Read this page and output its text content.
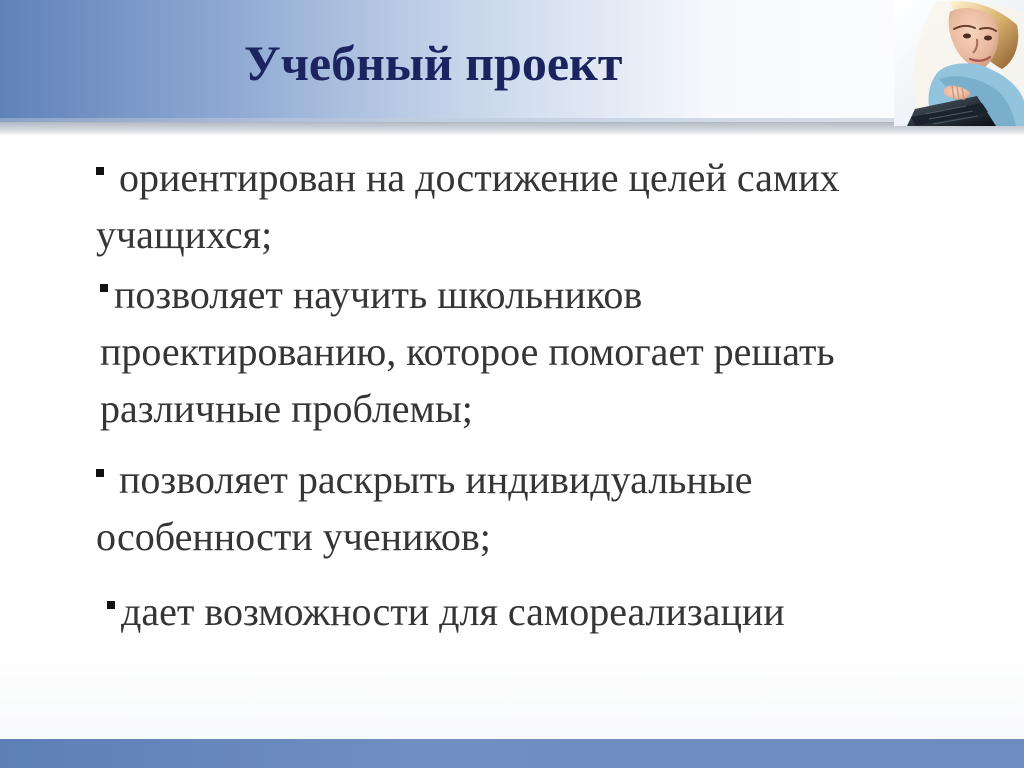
Учебный проект
ориентирован на достижение целей самих
учащихся;
позволяет научить школьников
проектированию, которое помогает решать
различные проблемы;
позволяет раскрыть индивидуальные
особенности учеников;
дает возможности для самореализации
